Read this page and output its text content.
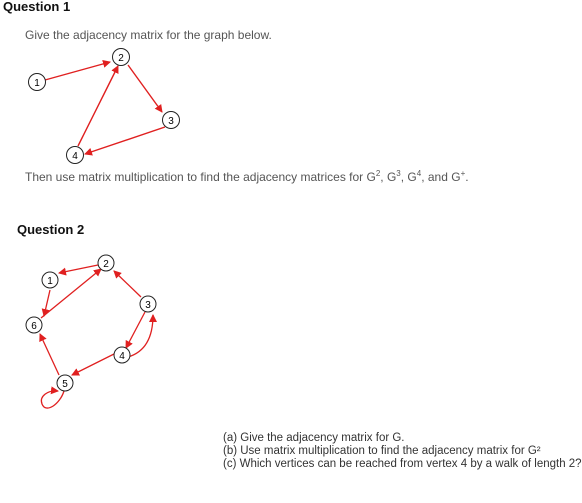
Question 1
Give the adjacency matrix for the graph below.
1
2
3
4
Then use matrix multiplication to find the adjacency matrices for $G^2$, $G^3$, $G^4$, and G+.
Question 2
1
2
3
4
5
6
(a) Give the adjacency matrix for G.
(b) Use matrix multiplication to find the adjacency matrix for G²
(c) Which vertices can be reached from vertex 4 by a walk of length 2?
